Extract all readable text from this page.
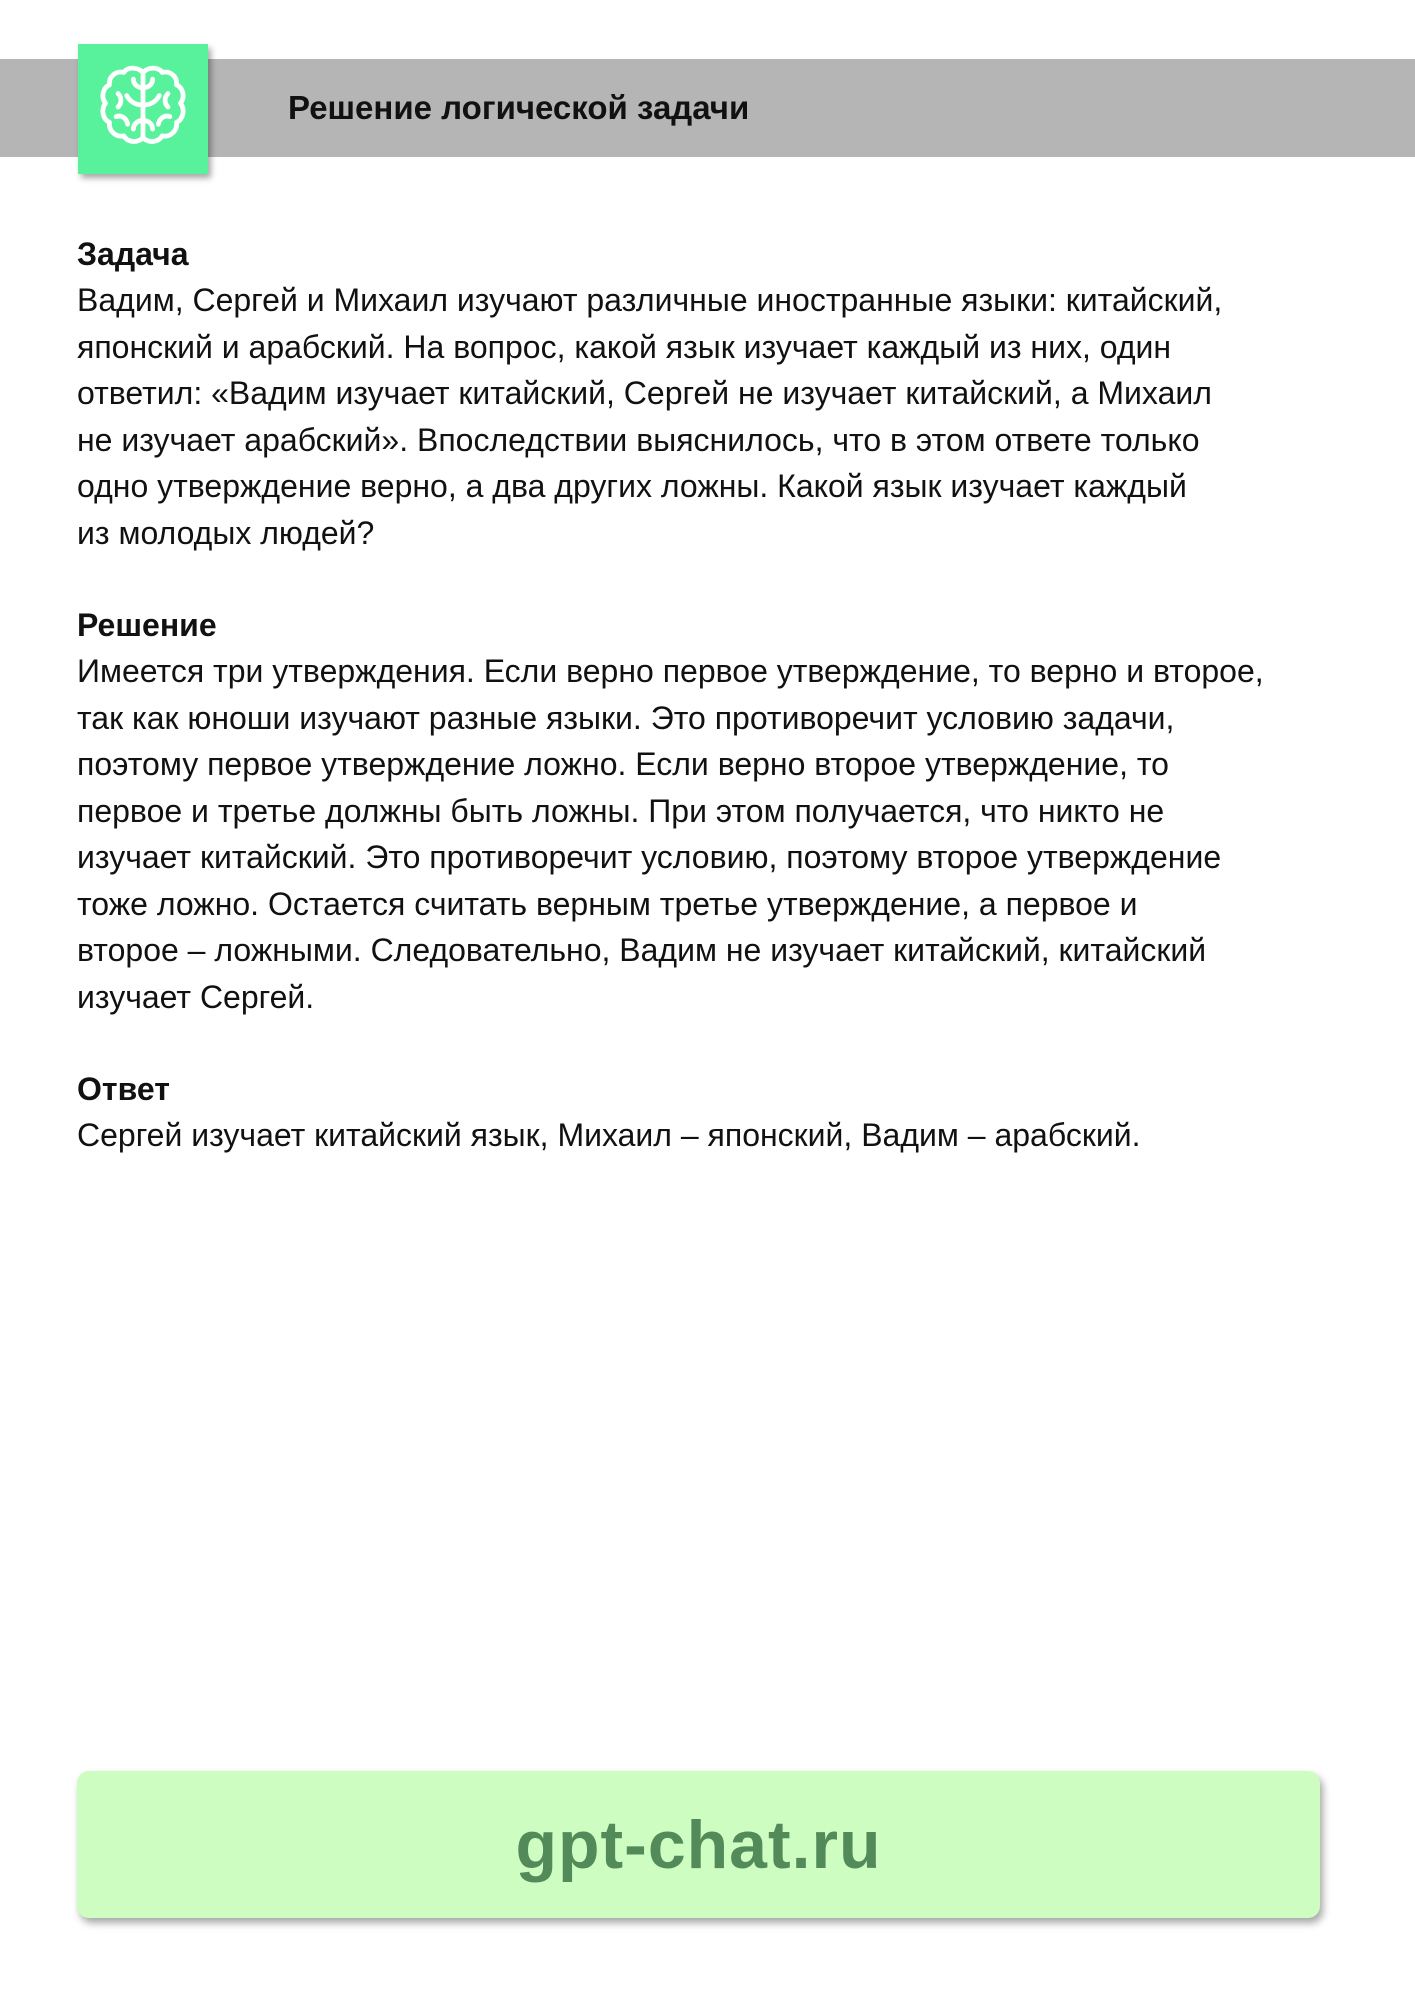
Решение логической задачи
Задача
Вадим, Сергей и Михаил изучают различные иностранные языки: китайский,
японский и арабский. На вопрос, какой язык изучает каждый из них, один
ответил: «Вадим изучает китайский, Сергей не изучает китайский, а Михаил
не изучает арабский». Впоследствии выяснилось, что в этом ответе только
одно утверждение верно, а два других ложны. Какой язык изучает каждый
из молодых людей?
Решение
Имеется три утверждения. Если верно первое утверждение, то верно и второе,
так как юноши изучают разные языки. Это противоречит условию задачи,
поэтому первое утверждение ложно. Если верно второе утверждение, то
первое и третье должны быть ложны. При этом получается, что никто не
изучает китайский. Это противоречит условию, поэтому второе утверждение
тоже ложно. Остается считать верным третье утверждение, а первое и
второе – ложными. Следовательно, Вадим не изучает китайский, китайский
изучает Сергей.
Ответ
Сергей изучает китайский язык, Михаил – японский, Вадим – арабский.
gpt-chat.ru
